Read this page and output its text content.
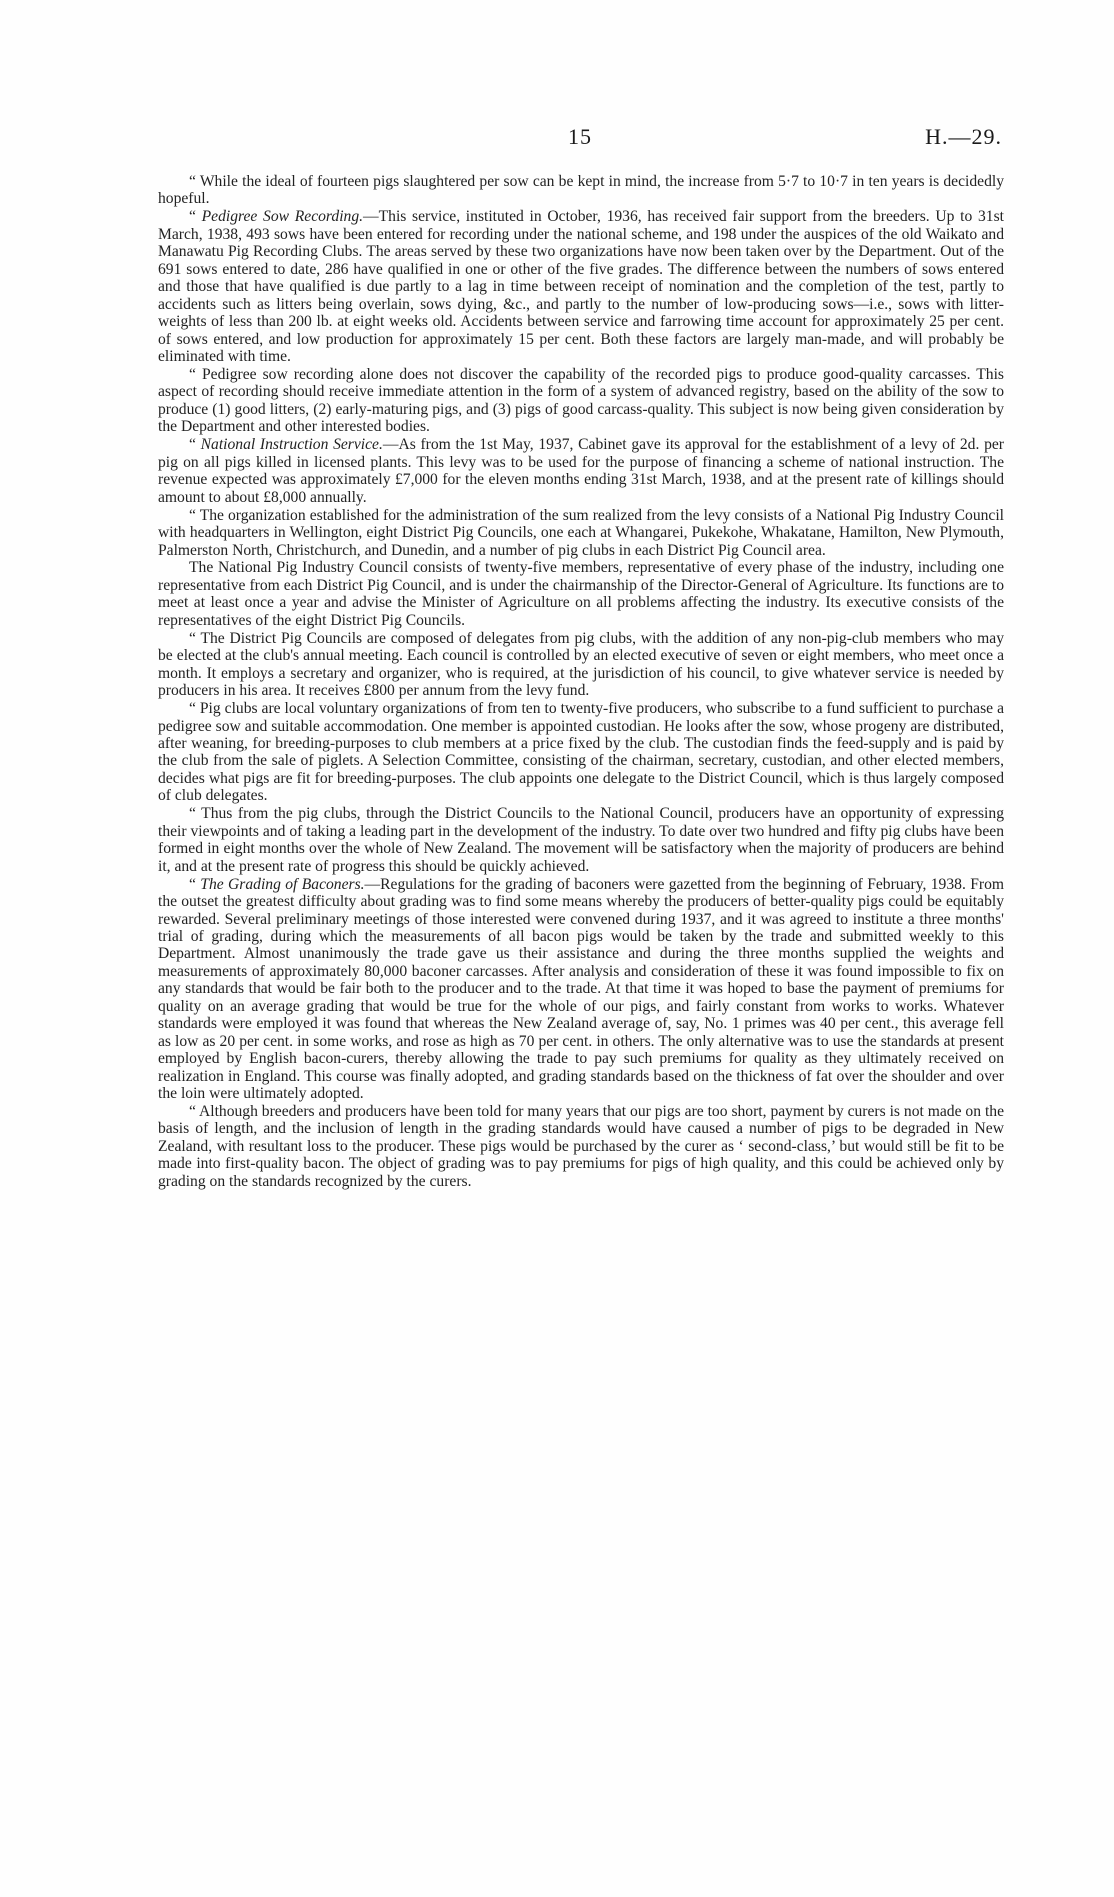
15	H.—29.

“ While the ideal of fourteen pigs slaughtered per sow can be kept in mind, the increase from 5·7 to 10·7 in ten years is decidedly hopeful.

“ Pedigree Sow Recording.—This service, instituted in October, 1936, has received fair support from the breeders. Up to 31st March, 1938, 493 sows have been entered for recording under the national scheme, and 198 under the auspices of the old Waikato and Manawatu Pig Recording Clubs. The areas served by these two organizations have now been taken over by the Department. Out of the 691 sows entered to date, 286 have qualified in one or other of the five grades. The difference between the numbers of sows entered and those that have qualified is due partly to a lag in time between receipt of nomination and the completion of the test, partly to accidents such as litters being overlain, sows dying, &c., and partly to the number of low-producing sows—i.e., sows with litter-weights of less than 200 lb. at eight weeks old. Accidents between service and farrowing time account for approximately 25 per cent. of sows entered, and low production for approximately 15 per cent. Both these factors are largely man-made, and will probably be eliminated with time.

“ Pedigree sow recording alone does not discover the capability of the recorded pigs to produce good-quality carcasses. This aspect of recording should receive immediate attention in the form of a system of advanced registry, based on the ability of the sow to produce (1) good litters, (2) early-maturing pigs, and (3) pigs of good carcass-quality. This subject is now being given consideration by the Department and other interested bodies.

“ National Instruction Service.—As from the 1st May, 1937, Cabinet gave its approval for the establishment of a levy of 2d. per pig on all pigs killed in licensed plants. This levy was to be used for the purpose of financing a scheme of national instruction. The revenue expected was approximately £7,000 for the eleven months ending 31st March, 1938, and at the present rate of killings should amount to about £8,000 annually.

“ The organization established for the administration of the sum realized from the levy consists of a National Pig Industry Council with headquarters in Wellington, eight District Pig Councils, one each at Whangarei, Pukekohe, Whakatane, Hamilton, New Plymouth, Palmerston North, Christchurch, and Dunedin, and a number of pig clubs in each District Pig Council area.

The National Pig Industry Council consists of twenty-five members, representative of every phase of the industry, including one representative from each District Pig Council, and is under the chairmanship of the Director-General of Agriculture. Its functions are to meet at least once a year and advise the Minister of Agriculture on all problems affecting the industry. Its executive consists of the representatives of the eight District Pig Councils.

“ The District Pig Councils are composed of delegates from pig clubs, with the addition of any non-pig-club members who may be elected at the club's annual meeting. Each council is controlled by an elected executive of seven or eight members, who meet once a month. It employs a secretary and organizer, who is required, at the jurisdiction of his council, to give whatever service is needed by producers in his area. It receives £800 per annum from the levy fund.

“ Pig clubs are local voluntary organizations of from ten to twenty-five producers, who subscribe to a fund sufficient to purchase a pedigree sow and suitable accommodation. One member is appointed custodian. He looks after the sow, whose progeny are distributed, after weaning, for breeding-purposes to club members at a price fixed by the club. The custodian finds the feed-supply and is paid by the club from the sale of piglets. A Selection Committee, consisting of the chairman, secretary, custodian, and other elected members, decides what pigs are fit for breeding-purposes. The club appoints one delegate to the District Council, which is thus largely composed of club delegates.

“ Thus from the pig clubs, through the District Councils to the National Council, producers have an opportunity of expressing their viewpoints and of taking a leading part in the development of the industry. To date over two hundred and fifty pig clubs have been formed in eight months over the whole of New Zealand. The movement will be satisfactory when the majority of producers are behind it, and at the present rate of progress this should be quickly achieved.

“ The Grading of Baconers.—Regulations for the grading of baconers were gazetted from the beginning of February, 1938. From the outset the greatest difficulty about grading was to find some means whereby the producers of better-quality pigs could be equitably rewarded. Several preliminary meetings of those interested were convened during 1937, and it was agreed to institute a three months' trial of grading, during which the measurements of all bacon pigs would be taken by the trade and submitted weekly to this Department. Almost unanimously the trade gave us their assistance and during the three months supplied the weights and measurements of approximately 80,000 baconer carcasses. After analysis and consideration of these it was found impossible to fix on any standards that would be fair both to the producer and to the trade. At that time it was hoped to base the payment of premiums for quality on an average grading that would be true for the whole of our pigs, and fairly constant from works to works. Whatever standards were employed it was found that whereas the New Zealand average of, say, No. 1 primes was 40 per cent., this average fell as low as 20 per cent. in some works, and rose as high as 70 per cent. in others. The only alternative was to use the standards at present employed by English bacon-curers, thereby allowing the trade to pay such premiums for quality as they ultimately received on realization in England. This course was finally adopted, and grading standards based on the thickness of fat over the shoulder and over the loin were ultimately adopted.

“ Although breeders and producers have been told for many years that our pigs are too short, payment by curers is not made on the basis of length, and the inclusion of length in the grading standards would have caused a number of pigs to be degraded in New Zealand, with resultant loss to the producer. These pigs would be purchased by the curer as ‘ second-class,’ but would still be fit to be made into first-quality bacon. The object of grading was to pay premiums for pigs of high quality, and this could be achieved only by grading on the standards recognized by the curers.
